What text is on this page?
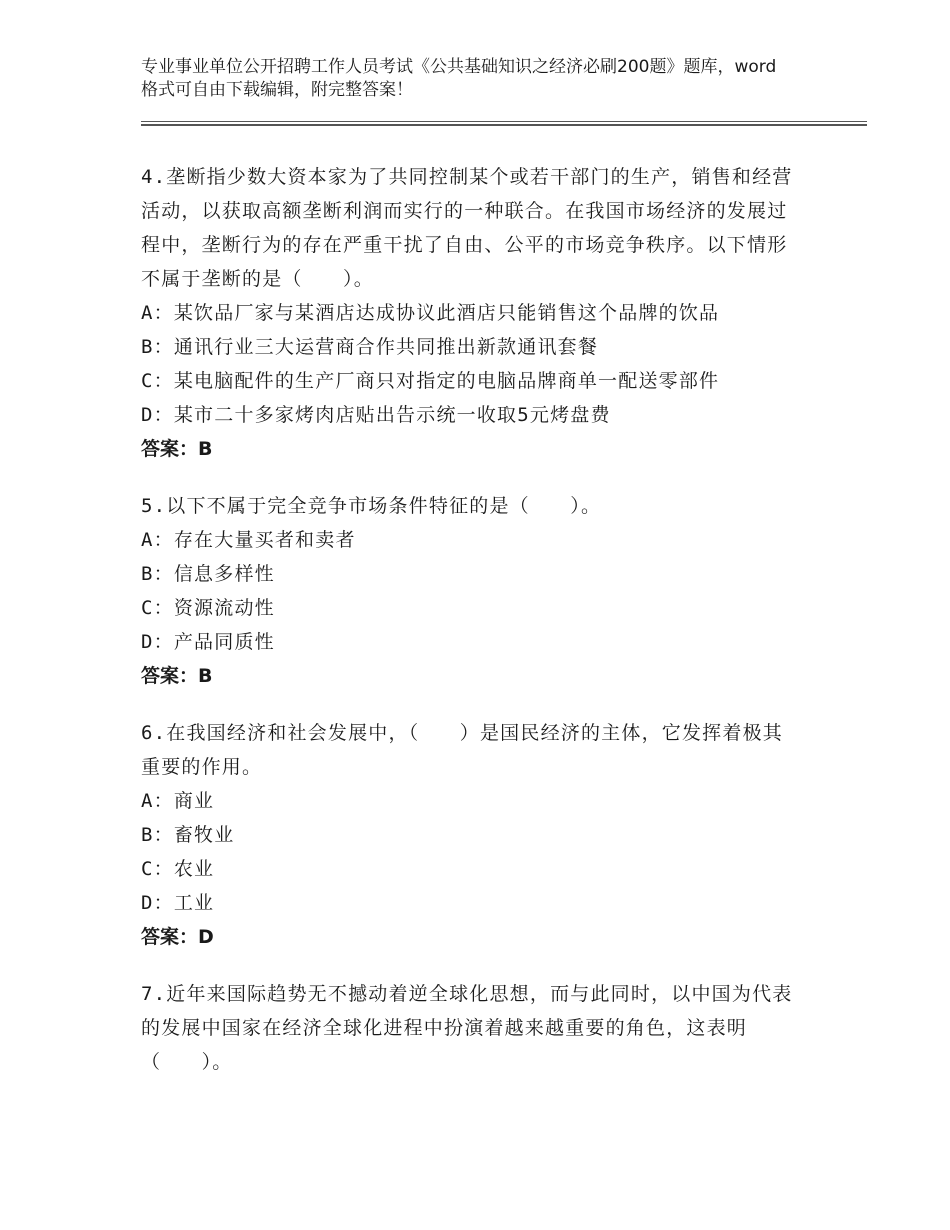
专业事业单位公开招聘工作人员考试《公共基础知识之经济必刷200题》题库，word格式可自由下载编辑，附完整答案！

4.垄断指少数大资本家为了共同控制某个或若干部门的生产，销售和经营活动，以获取高额垄断利润而实行的一种联合。在我国市场经济的发展过程中，垄断行为的存在严重干扰了自由、公平的市场竞争秩序。以下情形不属于垄断的是（　　）。

A：某饮品厂家与某酒店达成协议此酒店只能销售这个品牌的饮品

B：通讯行业三大运营商合作共同推出新款通讯套餐

C：某电脑配件的生产厂商只对指定的电脑品牌商单一配送零部件

D：某市二十多家烤肉店贴出告示统一收取5元烤盘费

答案：B

5.以下不属于完全竞争市场条件特征的是（　　）。

A：存在大量买者和卖者

B：信息多样性

C：资源流动性

D：产品同质性

答案：B

6.在我国经济和社会发展中，（　　）是国民经济的主体，它发挥着极其重要的作用。

A：商业

B：畜牧业

C：农业

D：工业

答案：D

7.近年来国际趋势无不撼动着逆全球化思想，而与此同时，以中国为代表的发展中国家在经济全球化进程中扮演着越来越重要的角色，这表明（　　）。
